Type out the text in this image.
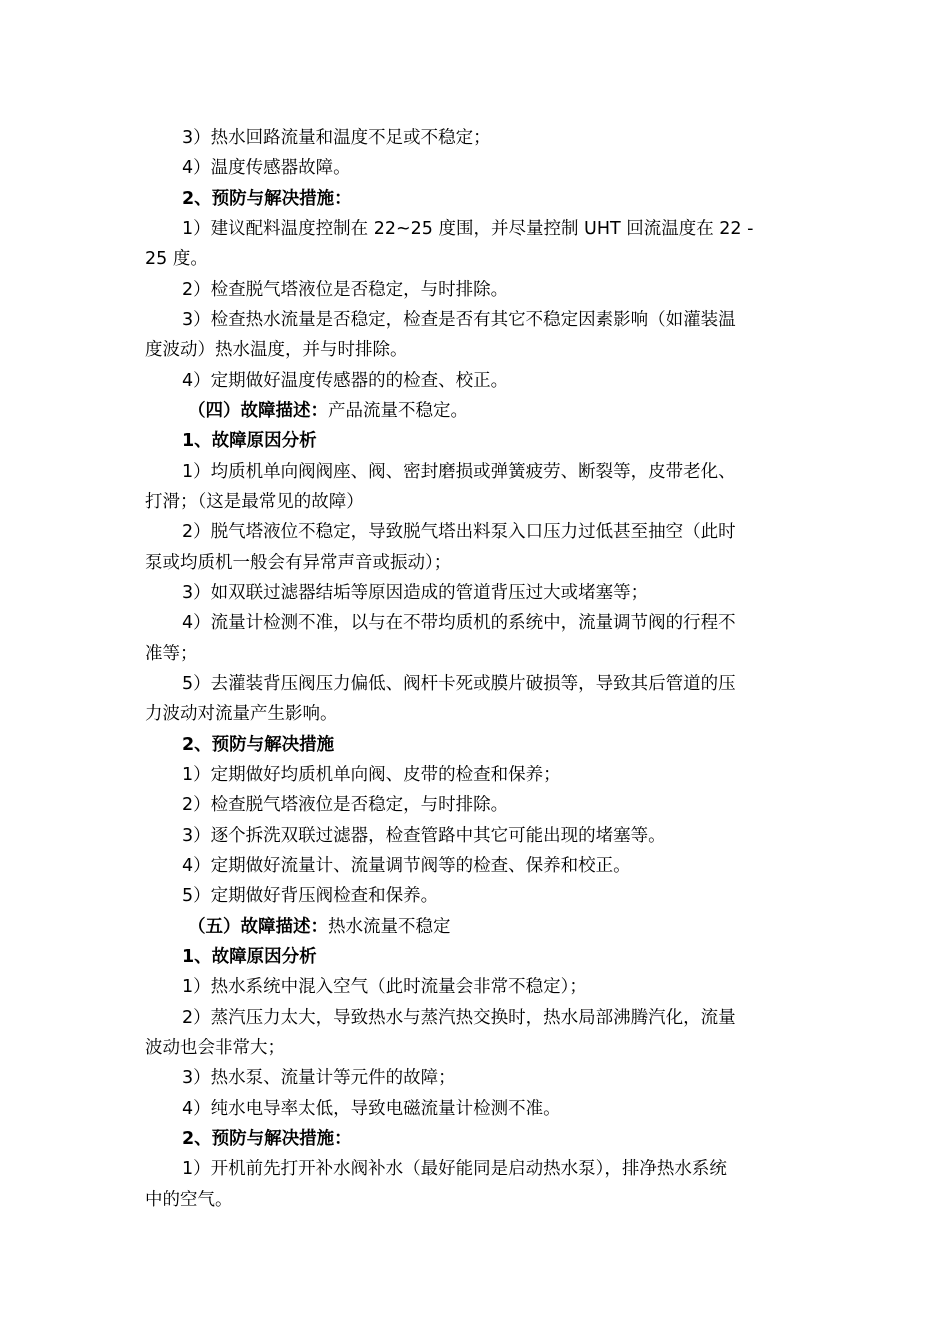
3）热水回路流量和温度不足或不稳定；
4）温度传感器故障。
2、预防与解决措施：
1）建议配料温度控制在 22~25 度围，并尽量控制 UHT 回流温度在 22 -
25 度。
2）检查脱气塔液位是否稳定，与时排除。
3）检查热水流量是否稳定，检查是否有其它不稳定因素影响（如灌装温
度波动）热水温度，并与时排除。
4）定期做好温度传感器的的检查、校正。
（四）故障描述：产品流量不稳定。
1、故障原因分析
1）均质机单向阀阀座、阀、密封磨损或弹簧疲劳、断裂等，皮带老化、
打滑；（这是最常见的故障）
2）脱气塔液位不稳定，导致脱气塔出料泵入口压力过低甚至抽空（此时
泵或均质机一般会有异常声音或振动）；
3）如双联过滤器结垢等原因造成的管道背压过大或堵塞等；
4）流量计检测不准，以与在不带均质机的系统中，流量调节阀的行程不
准等；
5）去灌装背压阀压力偏低、阀杆卡死或膜片破损等，导致其后管道的压
力波动对流量产生影响。
2、预防与解决措施
1）定期做好均质机单向阀、皮带的检查和保养；
2）检查脱气塔液位是否稳定，与时排除。
3）逐个拆洗双联过滤器，检查管路中其它可能出现的堵塞等。
4）定期做好流量计、流量调节阀等的检查、保养和校正。
5）定期做好背压阀检查和保养。
（五）故障描述：热水流量不稳定
1、故障原因分析
1）热水系统中混入空气（此时流量会非常不稳定）；
2）蒸汽压力太大，导致热水与蒸汽热交换时，热水局部沸腾汽化，流量
波动也会非常大；
3）热水泵、流量计等元件的故障；
4）纯水电导率太低，导致电磁流量计检测不准。
2、预防与解决措施：
1）开机前先打开补水阀补水（最好能同是启动热水泵），排净热水系统
中的空气。
